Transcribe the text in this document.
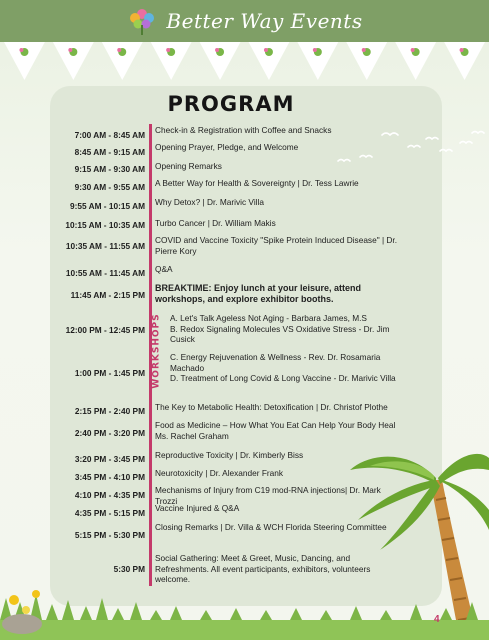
Better Way Events
PROGRAM
WORKSHOPS
7:00 AM - 8:45 AM Check-in & Registration with Coffee and Snacks
8:45 AM - 9:15 AM Opening Prayer, Pledge, and Welcome
9:15 AM - 9:30 AM Opening Remarks
9:30 AM - 9:55 AM A Better Way for Health & Sovereignty | Dr. Tess Lawrie
9:55 AM - 10:15 AM Why Detox? | Dr. Marivic Villa
10:15 AM - 10:35 AM Turbo Cancer | Dr. William Makis
10:35 AM - 11:55 AM
COVID and Vaccine Toxicity "Spike Protein Induced Disease" | Dr. Pierre Kory
10:55 AM - 11:45 AM Q&A
11:45 AM - 2:15 PM
BREAKTIME: Enjoy lunch at your leisure, attend workshops, and explore exhibitor booths.
12:00 PM - 12:45 PM
A. Let's Talk Ageless Not Aging - Barbara James, M.S
B. Redox Signaling Molecules VS Oxidative Stress - Dr. Jim Cusick
1:00 PM - 1:45 PM
C. Energy Rejuvenation & Wellness - Rev. Dr. Rosamaria Machado
D. Treatment of Long Covid & Long Vaccine - Dr. Marivic Villa
2:15 PM - 2:40 PM The Key to Metabolic Health: Detoxification | Dr. Christof Plothe
2:40 PM - 3:20 PM
Food as Medicine – How What You Eat Can Help Your Body Heal Ms. Rachel Graham
3:20 PM - 3:45 PM Reproductive Toxicity | Dr. Kimberly Biss
3:45 PM - 4:10 PM Neurotoxicity | Dr. Alexander Frank
4:10 PM - 4:35 PM Mechanisms of Injury from C19 mod-RNA injections| Dr. Mark Trozzi
4:35 PM - 5:15 PM Vaccine Injured & Q&A
5:15 PM - 5:30 PM
Closing Remarks | Dr. Villa & WCH Florida Steering Committee
5:30 PM
Social Gathering: Meet & Greet, Music, Dancing, and Refreshments. All event participants, exhibitors, volunteers welcome.
4
